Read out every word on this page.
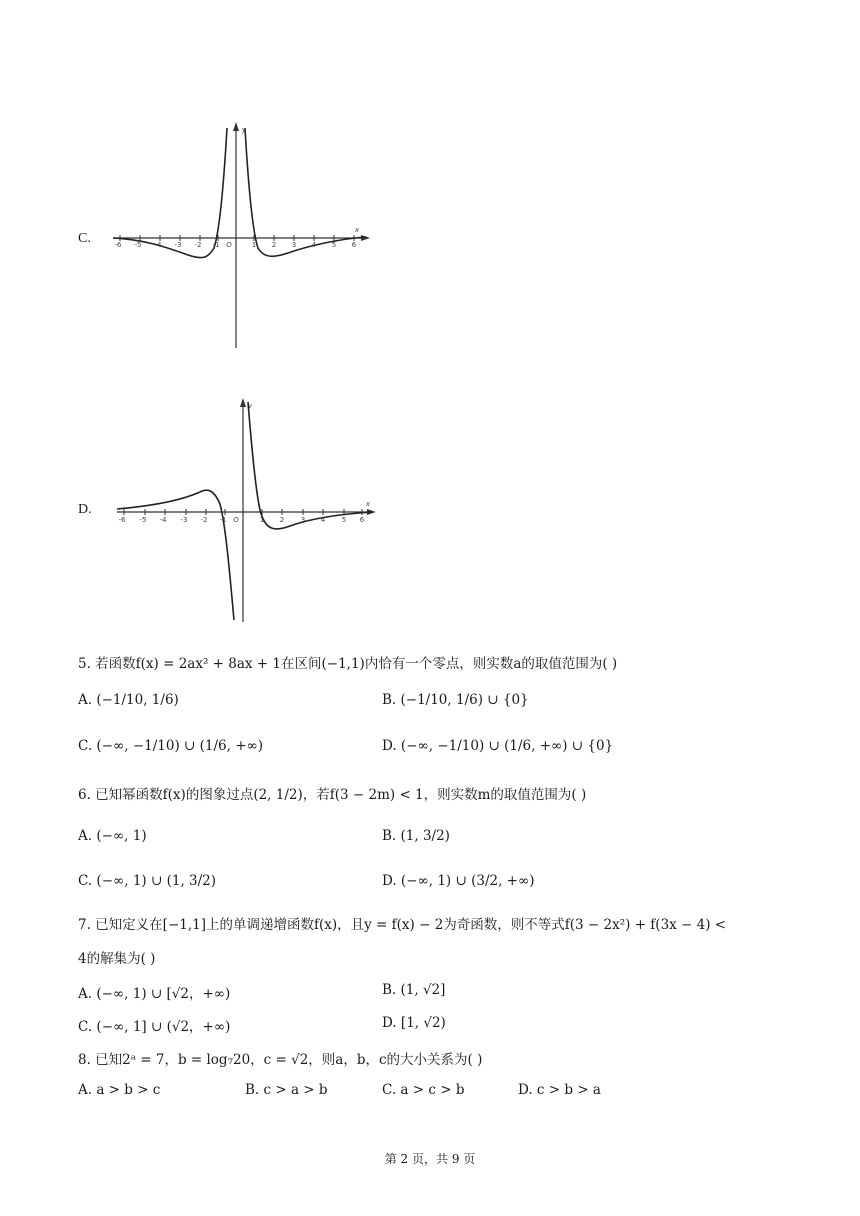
C.	-6 -5 -4 -3 -2 -1	1 2 3 4 5 6
O
x
y
D.
-6 -5 -4 -3 -2 -1	1 2 3 4 5 6
O
x
y
5. 若函数f(x) = 2ax² + 8ax + 1在区间(−1,1)内恰有一个零点，则实数a的取值范围为( )
A. (−1/10, 1/6)	B. (−1/10, 1/6) ∪ {0}
C. (−∞, −1/10) ∪ (1/6, +∞)	D. (−∞, −1/10) ∪ (1/6, +∞) ∪ {0}
6. 已知幂函数f(x)的图象过点(2, 1/2)，若f(3 − 2m) < 1，则实数m的取值范围为( )
A. (−∞, 1)	B. (1, 3/2)
C. (−∞, 1) ∪ (1, 3/2)	D. (−∞, 1) ∪ (3/2, +∞)
7. 已知定义在[−1,1]上的单调递增函数f(x)，且y = f(x) − 2为奇函数，则不等式f(3 − 2x²) + f(3x − 4) <
4的解集为( )
A. (−∞, 1) ∪ [√2，+∞)	B. (1, √2]
C. (−∞, 1] ∪ (√2，+∞)	D. [1, √2)
8. 已知2ᵃ = 7，b = log₇20，c = √2，则a，b，c的大小关系为( )
A. a > b > c	B. c > a > b	C. a > c > b	D. c > b > a
第 2 页，共 9 页
